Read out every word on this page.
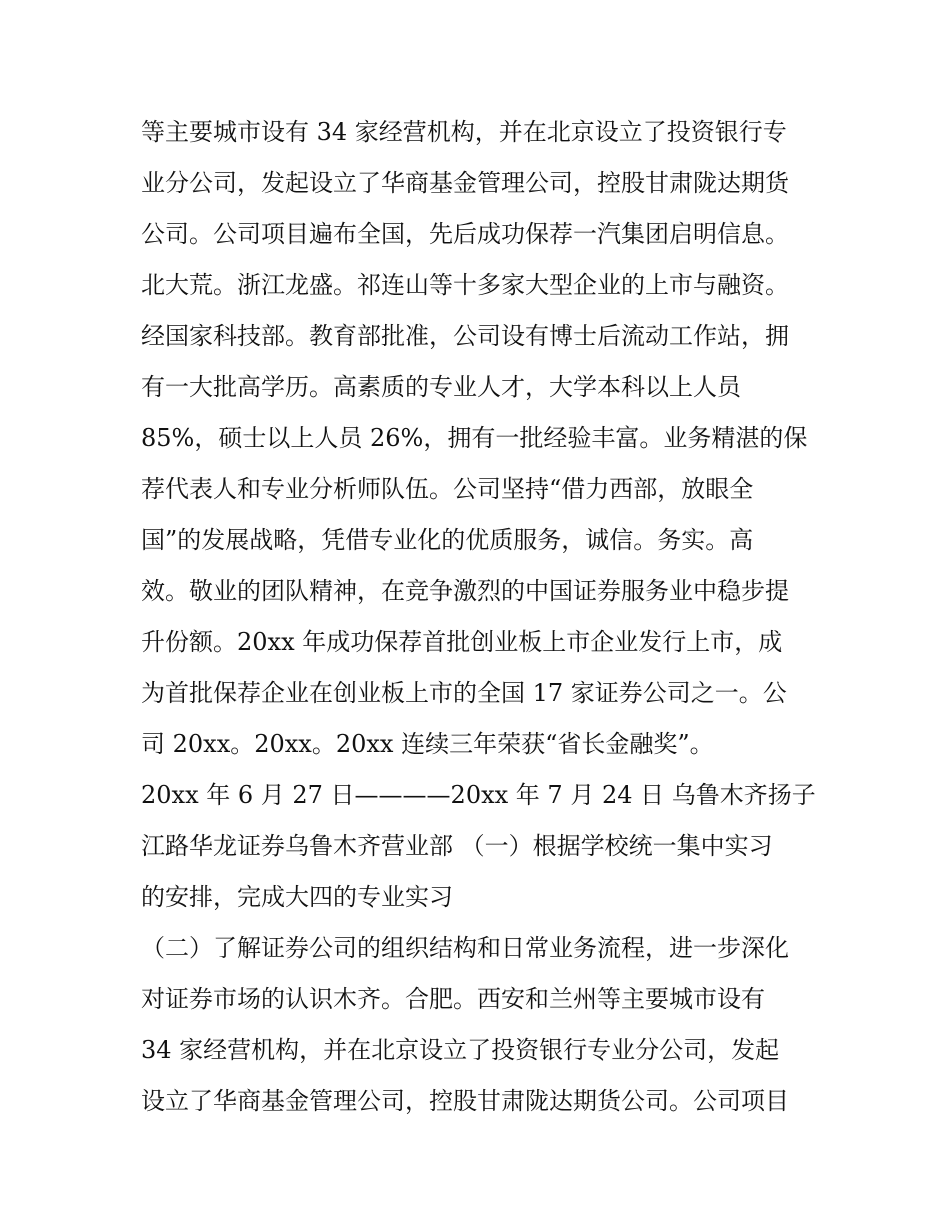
等主要城市设有 34 家经营机构，并在北京设立了投资银行专
业分公司，发起设立了华商基金管理公司，控股甘肃陇达期货
公司。公司项目遍布全国，先后成功保荐一汽集团启明信息。
北大荒。浙江龙盛。祁连山等十多家大型企业的上市与融资。
经国家科技部。教育部批准，公司设有博士后流动工作站，拥
有一大批高学历。高素质的专业人才，大学本科以上人员
85%，硕士以上人员 26%，拥有一批经验丰富。业务精湛的保
荐代表人和专业分析师队伍。公司坚持“借力西部，放眼全
国”的发展战略，凭借专业化的优质服务，诚信。务实。高
效。敬业的团队精神，在竞争激烈的中国证券服务业中稳步提
升份额。20xx 年成功保荐首批创业板上市企业发行上市，成
为首批保荐企业在创业板上市的全国 17 家证券公司之一。公
司 20xx。20xx。20xx 连续三年荣获“省长金融奖”。
20xx 年 6 月 27 日————20xx 年 7 月 24 日 乌鲁木齐扬子
江路华龙证券乌鲁木齐营业部 （一）根据学校统一集中实习
的安排，完成大四的专业实习
（二）了解证券公司的组织结构和日常业务流程，进一步深化
对证券市场的认识木齐。合肥。西安和兰州等主要城市设有
34 家经营机构，并在北京设立了投资银行专业分公司，发起
设立了华商基金管理公司，控股甘肃陇达期货公司。公司项目
